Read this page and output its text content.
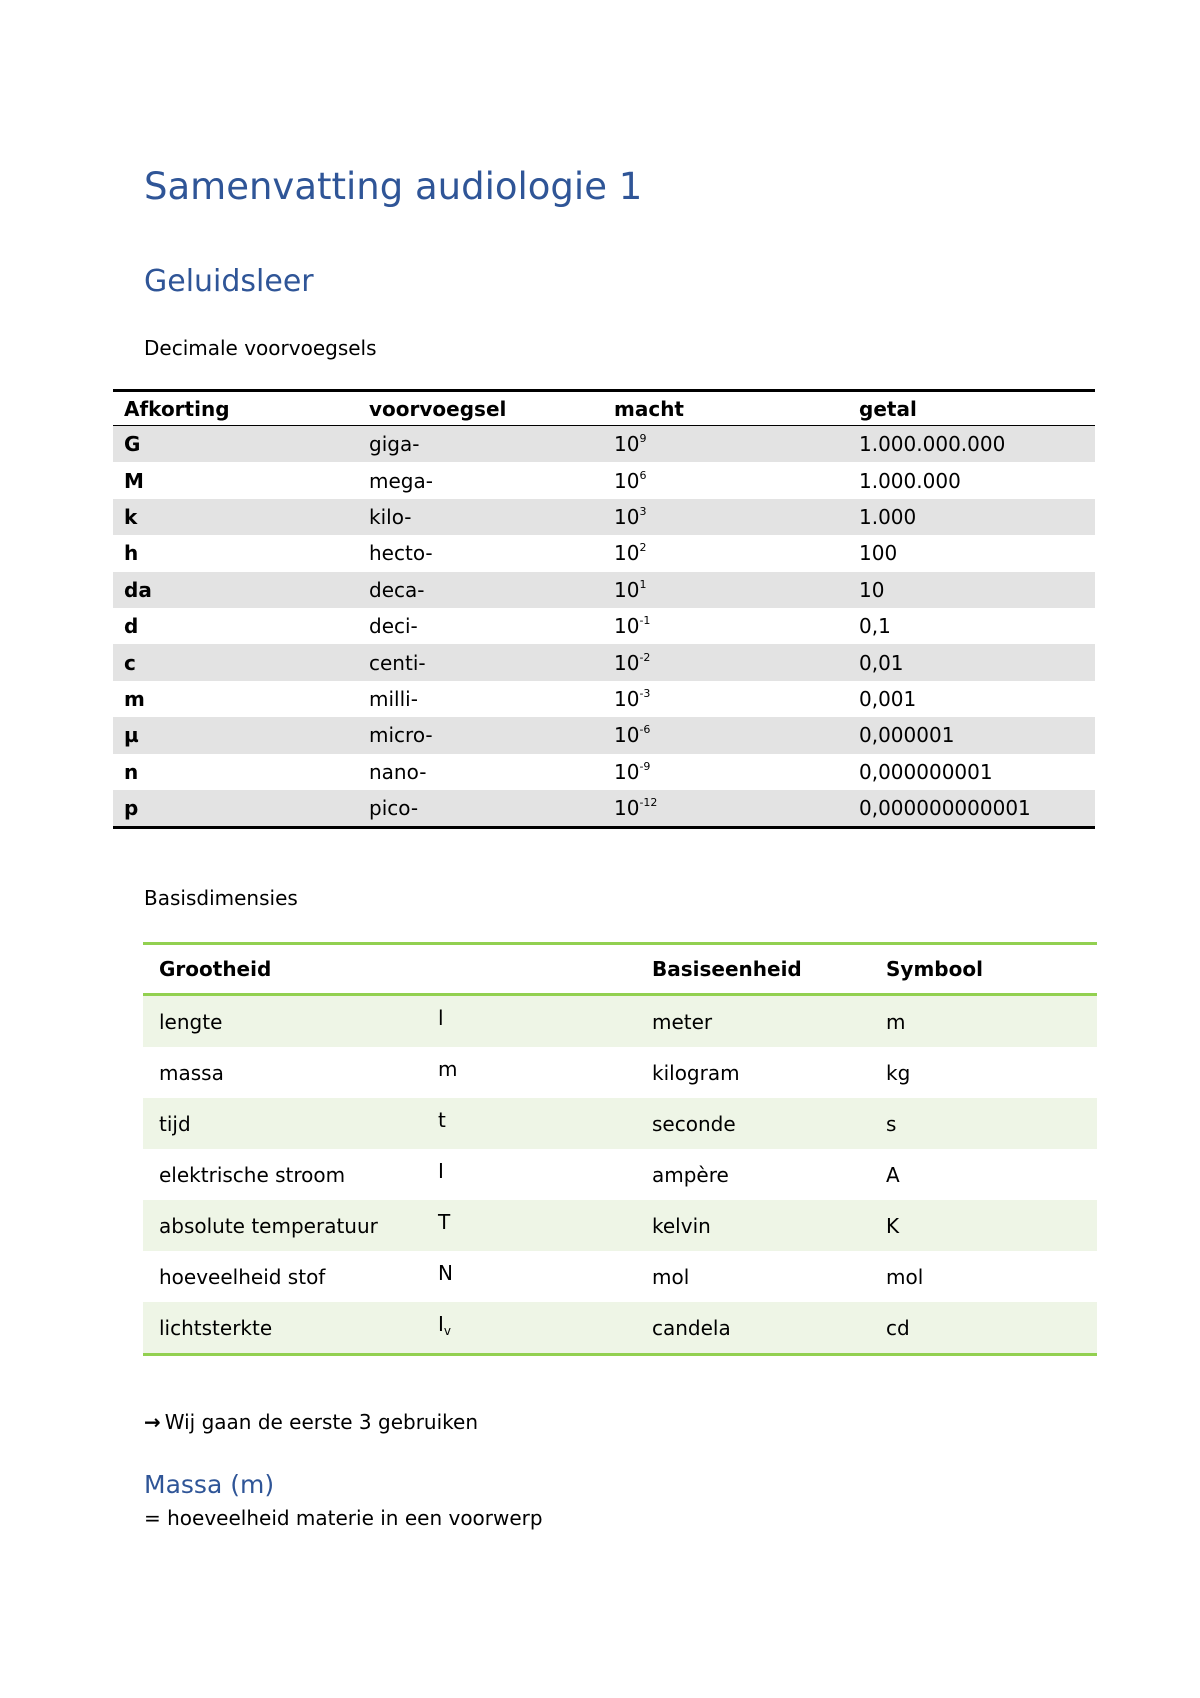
Samenvatting audiologie 1
Geluidsleer

Decimale voorvoegsels

Afkorting	voorvoegsel	macht	getal
G	giga-	$10^9$	1.000.000.000
M	mega-	$10^6$	1.000.000
k	kilo-	$10^3$	1.000
h	hecto-	$10^2$	100
da	deca-	$10^1$	10
d	deci-	$10^{-1}$	0,1
c	centi-	$10^{-2}$	0,01
m	milli-	$10^{-3}$	0,001
µ	micro-	$10^{-6}$	0,000001
n	nano-	$10^{-9}$	0,000000001
p	pico-	$10^{-12}$	0,000000000001

Basisdimensies

Grootheid		Basiseenheid	Symbool
lengte	l	meter	m
massa	m	kilogram	kg
tijd	t	seconde	s
elektrische stroom	I	ampère	A
absolute temperatuur	T	kelvin	K
hoeveelheid stof	N	mol	mol
lichtsterkte	$I_v$	candela	cd

→ Wij gaan de eerste 3 gebruiken

Massa (m)

= hoeveelheid materie in een voorwerp
